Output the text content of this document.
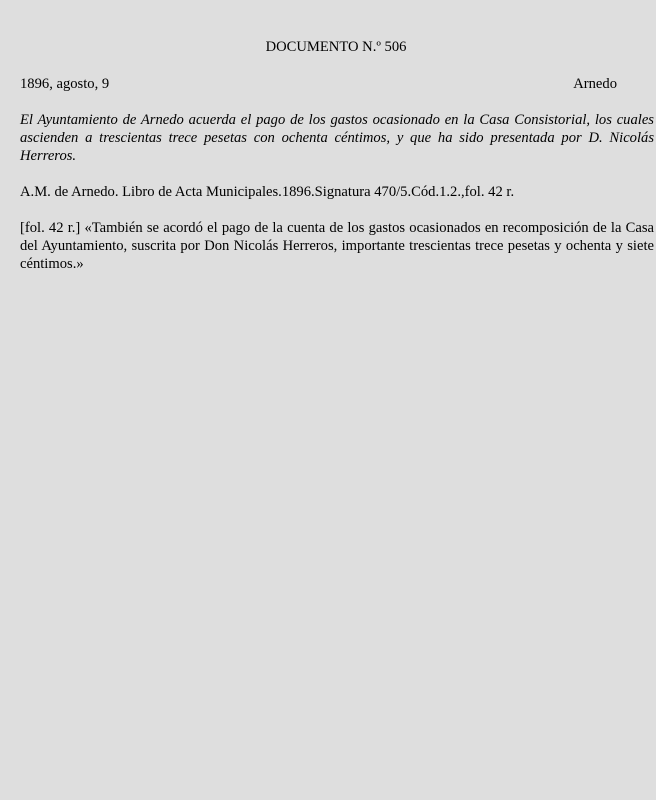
DOCUMENTO N.º 506
1896, agosto, 9	Arnedo

El Ayuntamiento de Arnedo acuerda el pago de los gastos ocasionado en la Casa Consistorial, los cuales ascienden a trescientas trece pesetas con ochenta céntimos, y que ha sido presentada por D. Nicolás Herreros.

A.M. de Arnedo. Libro de Acta Municipales.1896.Signatura 470/5.Cód.1.2.,fol. 42 r.

[fol. 42 r.] «También se acordó el pago de la cuenta de los gastos ocasionados en recomposición de la Casa del Ayuntamiento, suscrita por Don Nicolás Herreros, importante trescientas trece pesetas y ochenta y siete céntimos.»
